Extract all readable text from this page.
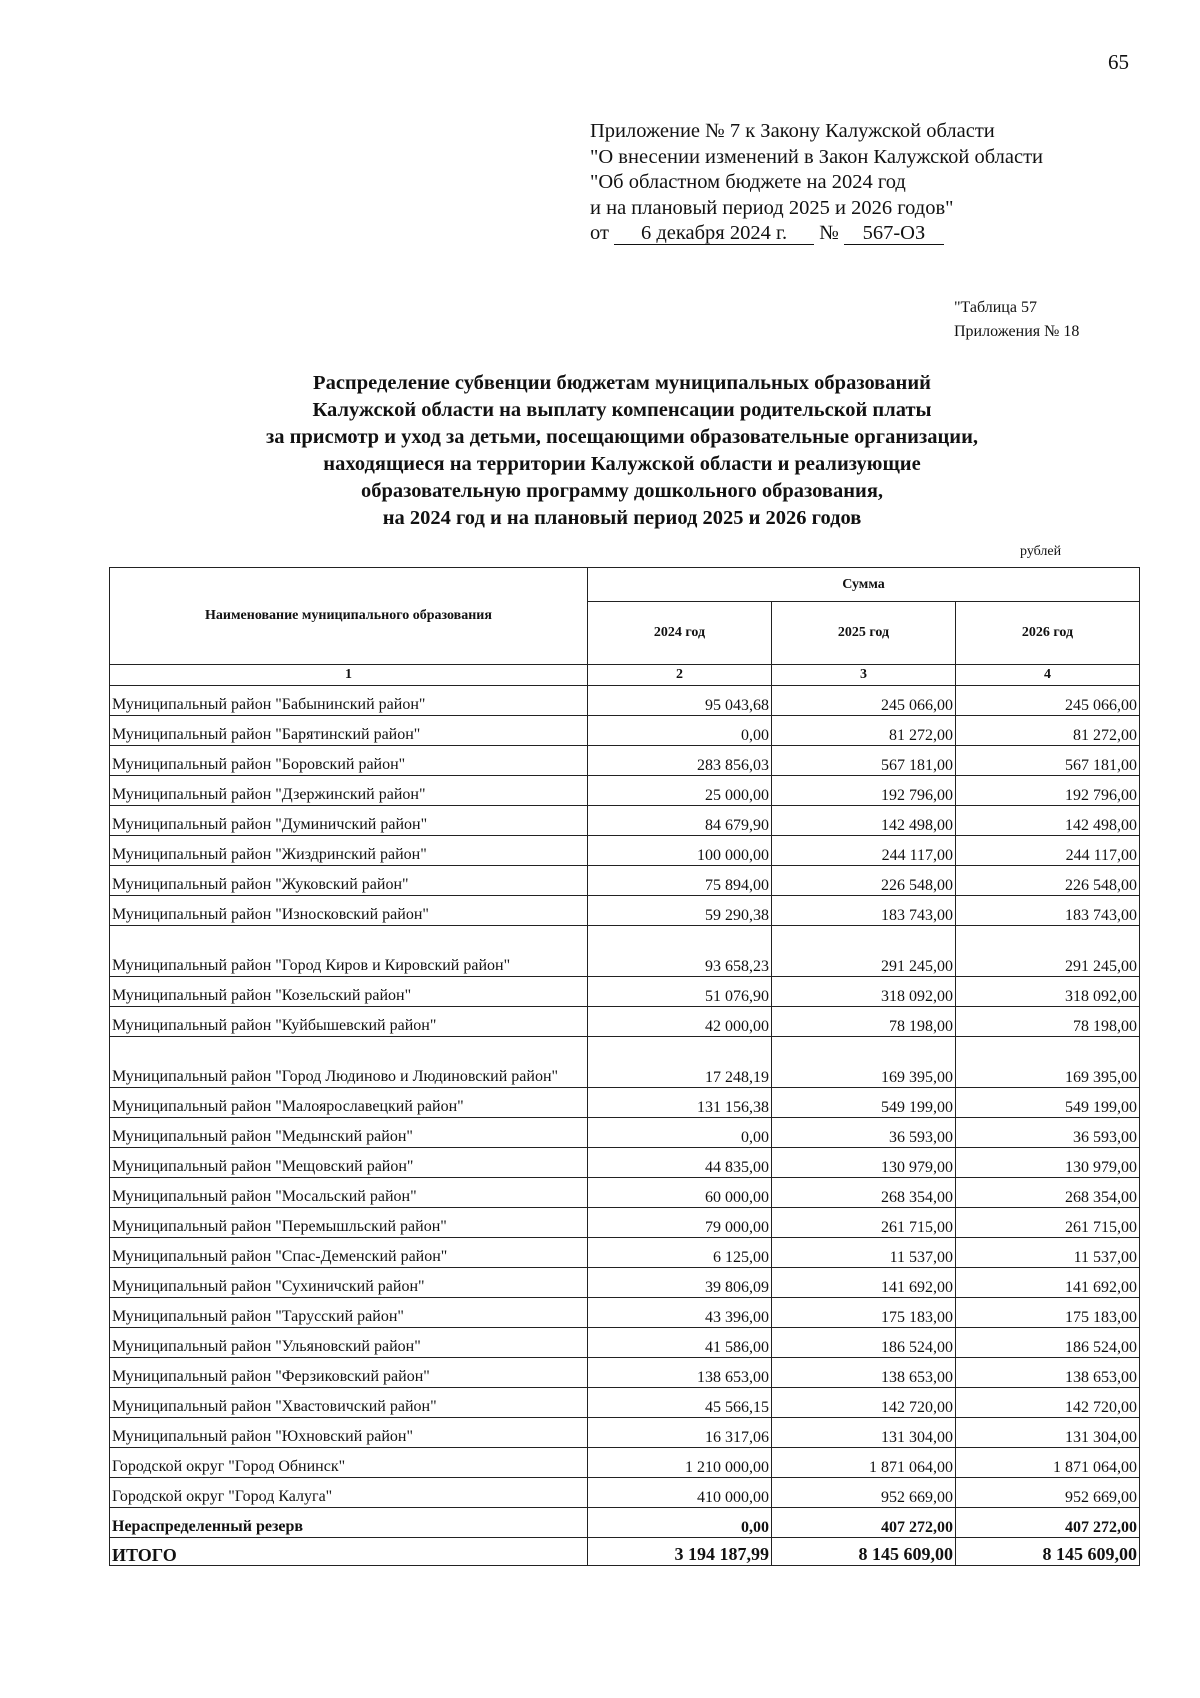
65
Приложение № 7 к Закону Калужской области
"О внесении изменений в Закон Калужской области
"Об областном бюджете на 2024 год
и на плановый период 2025 и 2026 годов"
от 6 декабря 2024 г. № 567-ОЗ
"Таблица 57
Приложения № 18
Распределение субвенции бюджетам муниципальных образований
Калужской области на выплату компенсации родительской платы
за присмотр и уход за детьми, посещающими образовательные организации,
находящиеся на территории Калужской области и реализующие
образовательную программу дошкольного образования,
на 2024 год и на плановый период 2025 и 2026 годов
рублей
Наименование муниципального образования	Сумма		
	2024 год	2025 год	2026 год
1	2	3	4
Муниципальный район "Бабынинский район"	95 043,68	245 066,00	245 066,00
Муниципальный район "Барятинский район"	0,00	81 272,00	81 272,00
Муниципальный район "Боровский район"	283 856,03	567 181,00	567 181,00
Муниципальный район "Дзержинский район"	25 000,00	192 796,00	192 796,00
Муниципальный район "Думиничский район"	84 679,90	142 498,00	142 498,00
Муниципальный район "Жиздринский район"	100 000,00	244 117,00	244 117,00
Муниципальный район "Жуковский район"	75 894,00	226 548,00	226 548,00
Муниципальный район "Износковский район"	59 290,38	183 743,00	183 743,00
Муниципальный район "Город Киров и Кировский район"	93 658,23	291 245,00	291 245,00
Муниципальный район "Козельский район"	51 076,90	318 092,00	318 092,00
Муниципальный район "Куйбышевский район"	42 000,00	78 198,00	78 198,00
Муниципальный район "Город Людиново и Людиновский район"	17 248,19	169 395,00	169 395,00
Муниципальный район "Малоярославецкий район"	131 156,38	549 199,00	549 199,00
Муниципальный район "Медынский район"	0,00	36 593,00	36 593,00
Муниципальный район "Мещовский район"	44 835,00	130 979,00	130 979,00
Муниципальный район "Мосальский район"	60 000,00	268 354,00	268 354,00
Муниципальный район "Перемышльский район"	79 000,00	261 715,00	261 715,00
Муниципальный район "Спас-Деменский район"	6 125,00	11 537,00	11 537,00
Муниципальный район "Сухиничский район"	39 806,09	141 692,00	141 692,00
Муниципальный район "Тарусский район"	43 396,00	175 183,00	175 183,00
Муниципальный район "Ульяновский район"	41 586,00	186 524,00	186 524,00
Муниципальный район "Ферзиковский район"	138 653,00	138 653,00	138 653,00
Муниципальный район "Хвастовичский район"	45 566,15	142 720,00	142 720,00
Муниципальный район "Юхновский район"	16 317,06	131 304,00	131 304,00
Городской округ "Город Обнинск"	1 210 000,00	1 871 064,00	1 871 064,00
Городской округ "Город Калуга"	410 000,00	952 669,00	952 669,00
Нераспределенный резерв	0,00	407 272,00	407 272,00
ИТОГО	3 194 187,99	8 145 609,00	8 145 609,00
